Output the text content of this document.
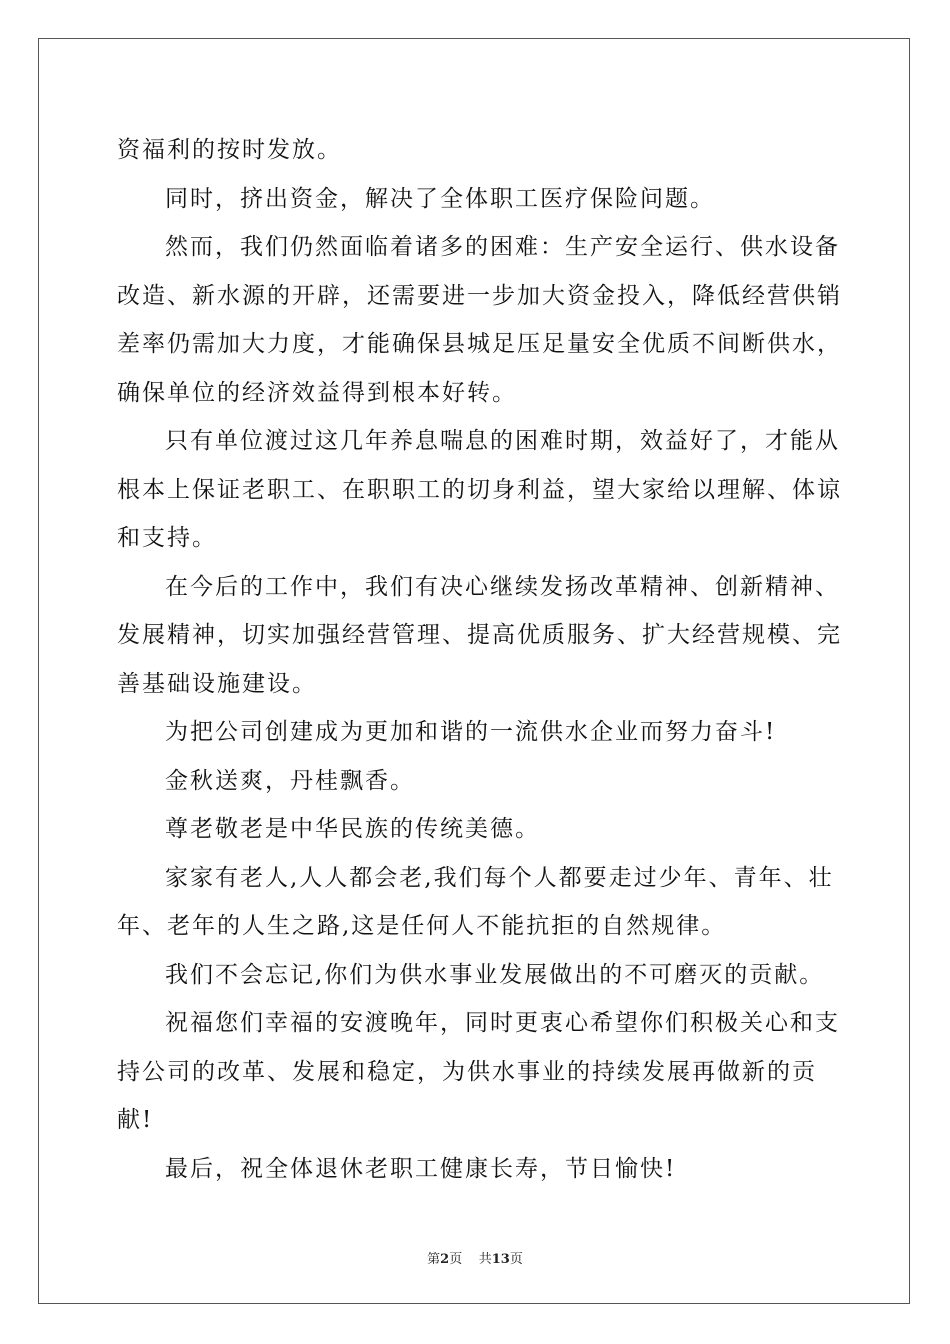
资福利的按时发放。

同时，挤出资金，解决了全体职工医疗保险问题。

然而，我们仍然面临着诸多的困难：生产安全运行、供水设备改造、新水源的开辟，还需要进一步加大资金投入，降低经营供销差率仍需加大力度，才能确保县城足压足量安全优质不间断供水，确保单位的经济效益得到根本好转。

只有单位渡过这几年养息喘息的困难时期，效益好了，才能从根本上保证老职工、在职职工的切身利益，望大家给以理解、体谅和支持。

在今后的工作中，我们有决心继续发扬改革精神、创新精神、发展精神，切实加强经营管理、提高优质服务、扩大经营规模、完善基础设施建设。

为把公司创建成为更加和谐的一流供水企业而努力奋斗!

金秋送爽，丹桂飘香。

尊老敬老是中华民族的传统美德。

家家有老人,人人都会老,我们每个人都要走过少年、青年、壮年、老年的人生之路,这是任何人不能抗拒的自然规律。

我们不会忘记,你们为供水事业发展做出的不可磨灭的贡献。

祝福您们幸福的安渡晚年，同时更衷心希望你们积极关心和支持公司的改革、发展和稳定，为供水事业的持续发展再做新的贡献!

最后，祝全体退休老职工健康长寿，节日愉快!

第2页 共13页
